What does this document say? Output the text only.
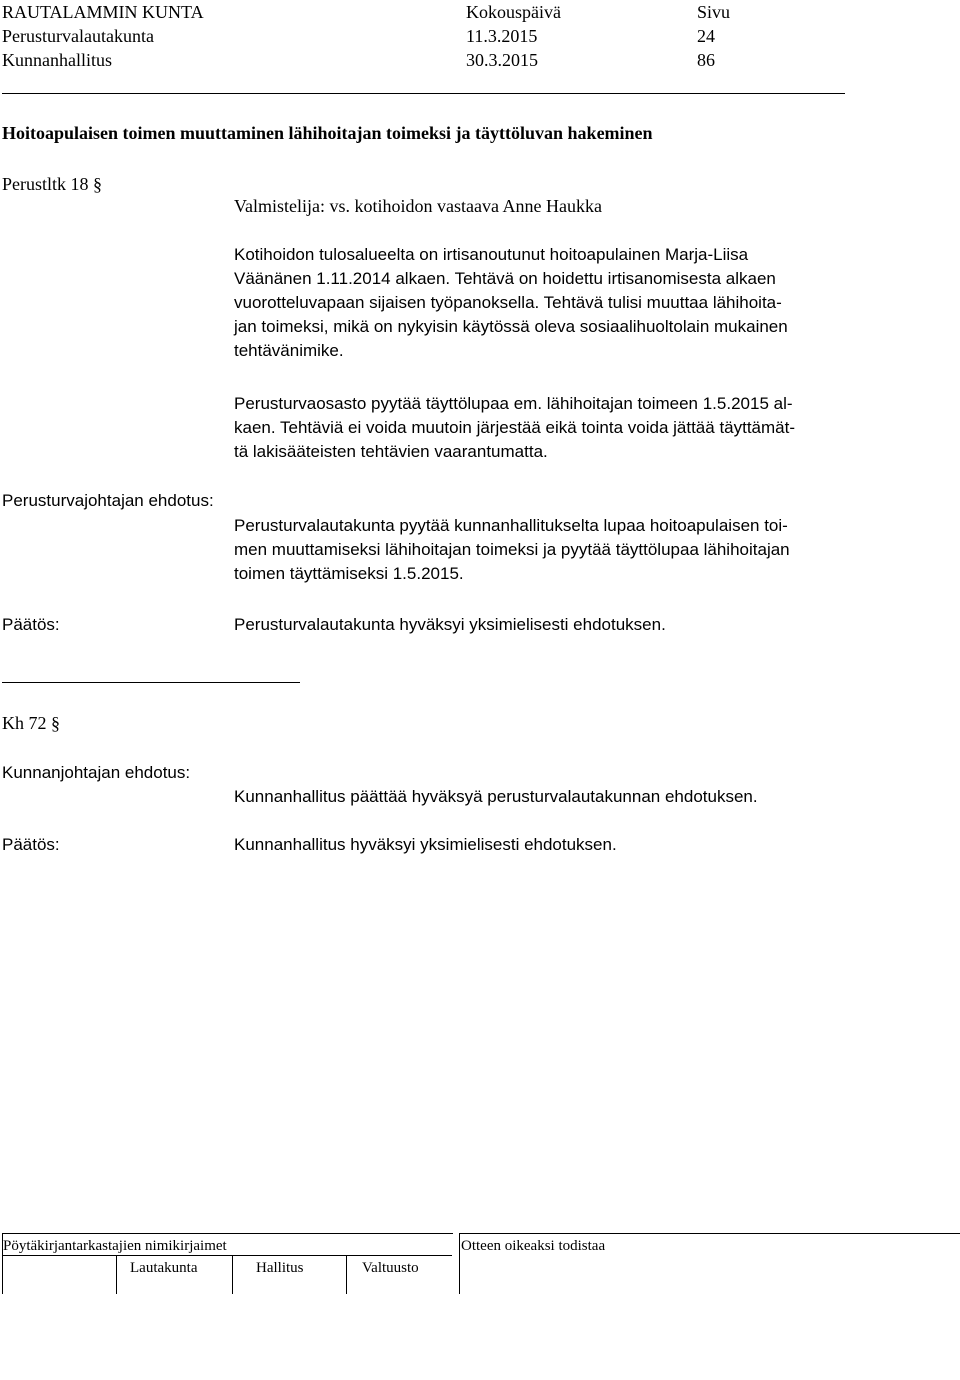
RAUTALAMMIN KUNTA	Kokouspäivä	Sivu
Perusturvalautakunta	11.3.2015	24
Kunnanhallitus	30.3.2015	86
Hoitoapulaisen toimen muuttaminen lähihoitajan toimeksi ja täyttöluvan hakeminen
Perustltk 18 §
Valmistelija: vs. kotihoidon vastaava Anne Haukka
Kotihoidon tulosalueelta on irtisanoutunut hoitoapulainen Marja-Liisa
Väänänen 1.11.2014 alkaen. Tehtävä on hoidettu irtisanomisesta alkaen
vuorotteluvapaan sijaisen työpanoksella. Tehtävä tulisi muuttaa lähihoita-
jan toimeksi, mikä on nykyisin käytössä oleva sosiaalihuoltolain mukainen
tehtävänimike.
Perusturvaosasto pyytää täyttölupaa em. lähihoitajan toimeen 1.5.2015 al-
kaen. Tehtäviä ei voida muutoin järjestää eikä tointa voida jättää täyttämät-
tä lakisääteisten tehtävien vaarantumatta.
Perusturvajohtajan ehdotus:
Perusturvalautakunta pyytää kunnanhallitukselta lupaa hoitoapulaisen toi-
men muuttamiseksi lähihoitajan toimeksi ja pyytää täyttölupaa lähihoitajan
toimen täyttämiseksi 1.5.2015.
Päätös:	Perusturvalautakunta hyväksyi yksimielisesti ehdotuksen.
Kh 72 §
Kunnanjohtajan ehdotus:
Kunnanhallitus päättää hyväksyä perusturvalautakunnan ehdotuksen.
Päätös:	Kunnanhallitus hyväksyi yksimielisesti ehdotuksen.
Pöytäkirjantarkastajien nimikirjaimet
Lautakunta	Hallitus	Valtuusto
Otteen oikeaksi todistaa
